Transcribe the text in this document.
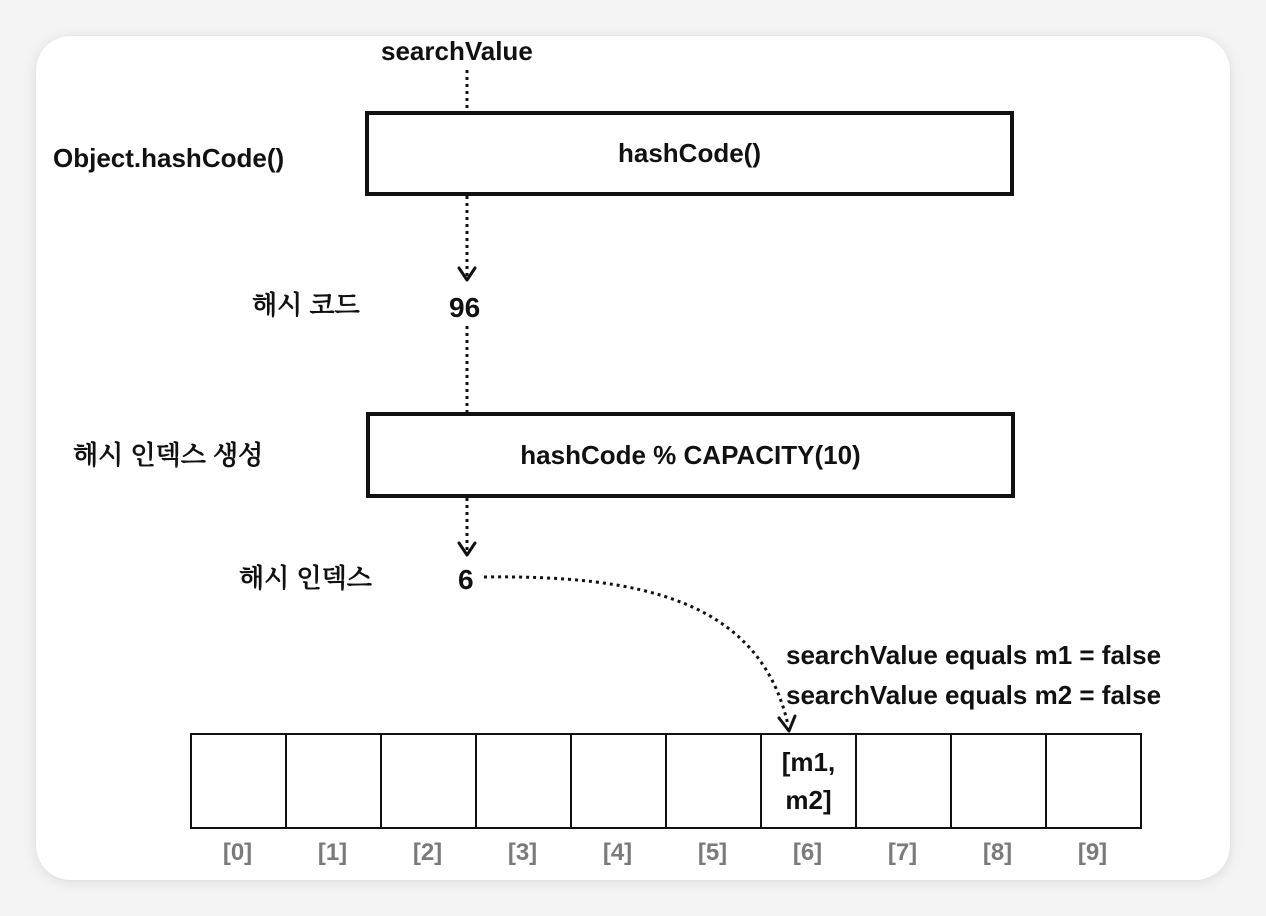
searchValue
Object.hashCode()	hashCode()
해시 코드	96
해시 인덱스 생성	hashCode % CAPACITY(10)
해시 인덱스	6
searchValue equals m1 = false
searchValue equals m2 = false
[m1,
m2]
[0]	[1]	[2]	[3]	[4]	[5]	[6]	[7]	[8]	[9]
